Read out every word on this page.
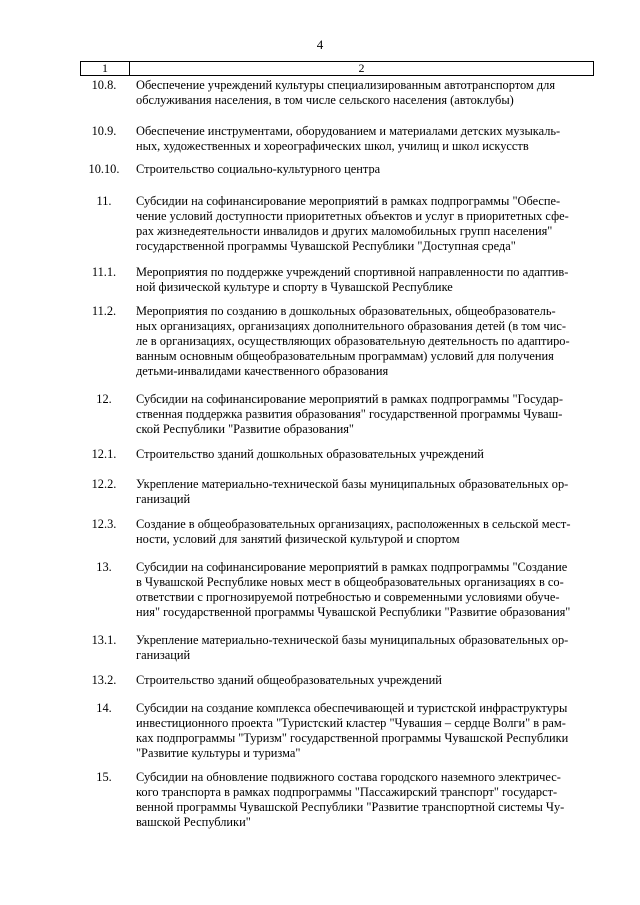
4
1	2
10.8.	Обеспечение учреждений культуры специализированным автотранспортом для
обслуживания населения, в том числе сельского населения (автоклубы)
10.9.	Обеспечение инструментами, оборудованием и материалами детских музыкаль-
ных, художественных и хореографических школ, училищ и школ искусств
10.10.	Строительство социально-культурного центра
11.	Субсидии на софинансирование мероприятий в рамках подпрограммы "Обеспе-
чение условий доступности приоритетных объектов и услуг в приоритетных сфе-
рах жизнедеятельности инвалидов и других маломобильных групп населения"
государственной программы Чувашской Республики "Доступная среда"
11.1.	Мероприятия по поддержке учреждений спортивной направленности по адаптив-
ной физической культуре и спорту в Чувашской Республике
11.2.	Мероприятия по созданию в дошкольных образовательных, общеобразователь-
ных организациях, организациях дополнительного образования детей (в том чис-
ле в организациях, осуществляющих образовательную деятельность по адаптиро-
ванным основным общеобразовательным программам) условий для получения
детьми-инвалидами качественного образования
12.	Субсидии на софинансирование мероприятий в рамках подпрограммы "Государ-
ственная поддержка развития образования" государственной программы Чуваш-
ской Республики "Развитие образования"
12.1.	Строительство зданий дошкольных образовательных учреждений
12.2.	Укрепление материально-технической базы муниципальных образовательных ор-
ганизаций
12.3.	Создание в общеобразовательных организациях, расположенных в сельской мест-
ности, условий для занятий физической культурой и спортом
13.	Субсидии на софинансирование мероприятий в рамках подпрограммы "Создание
в Чувашской Республике новых мест в общеобразовательных организациях в со-
ответствии с прогнозируемой потребностью и современными условиями обуче-
ния" государственной программы Чувашской Республики "Развитие образования"
13.1.	Укрепление материально-технической базы муниципальных образовательных ор-
ганизаций
13.2.	Строительство зданий общеобразовательных учреждений
14.	Субсидии на создание комплекса обеспечивающей и туристской инфраструктуры
инвестиционного проекта "Туристский кластер "Чувашия – сердце Волги" в рам-
ках подпрограммы "Туризм" государственной программы Чувашской Республики
"Развитие культуры и туризма"
15.	Субсидии на обновление подвижного состава городского наземного электричес-
кого транспорта в рамках подпрограммы "Пассажирский транспорт" государст-
венной программы Чувашской Республики "Развитие транспортной системы Чу-
вашской Республики"
